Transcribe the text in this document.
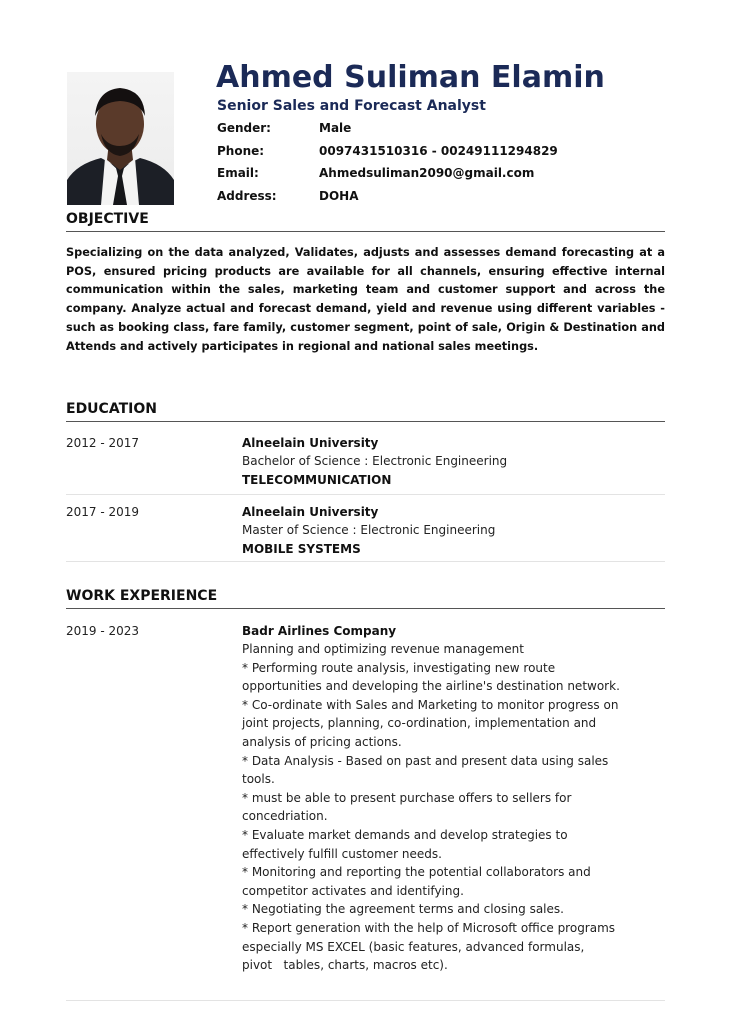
Ahmed Suliman Elamin
Senior Sales and Forecast Analyst
Gender:	Male
Phone:	0097431510316 - 00249111294829
Email:	Ahmedsuliman2090@gmail.com
Address:	DOHA
OBJECTIVE

Specializing on the data analyzed, Validates, adjusts and assesses demand forecasting at a POS, ensured pricing products are available for all channels, ensuring effective internal communication within the sales, marketing team and customer support and across the company. Analyze actual and forecast demand, yield and revenue using different variables - such as booking class, fare family, customer segment, point of sale, Origin & Destination and Attends and actively participates in regional and national sales meetings.

EDUCATION
2012 - 2017	Alneelain University
Bachelor of Science : Electronic Engineering
TELECOMMUNICATION
2017 - 2019	Alneelain University
Master of Science : Electronic Engineering
MOBILE SYSTEMS
WORK EXPERIENCE
2019 - 2023	Badr Airlines Company
Planning and optimizing revenue management
* Performing route analysis, investigating new route
opportunities and developing the airline's destination network.
* Co-ordinate with Sales and Marketing to monitor progress on
joint projects, planning, co-ordination, implementation and
analysis of pricing actions.
* Data Analysis - Based on past and present data using sales
tools.
* must be able to present purchase offers to sellers for
concedriation.
* Evaluate market demands and develop strategies to
effectively fulfill customer needs.
* Monitoring and reporting the potential collaborators and
competitor activates and identifying.
* Negotiating the agreement terms and closing sales.
* Report generation with the help of Microsoft office programs
especially MS EXCEL (basic features, advanced formulas,
pivot   tables, charts, macros etc).
